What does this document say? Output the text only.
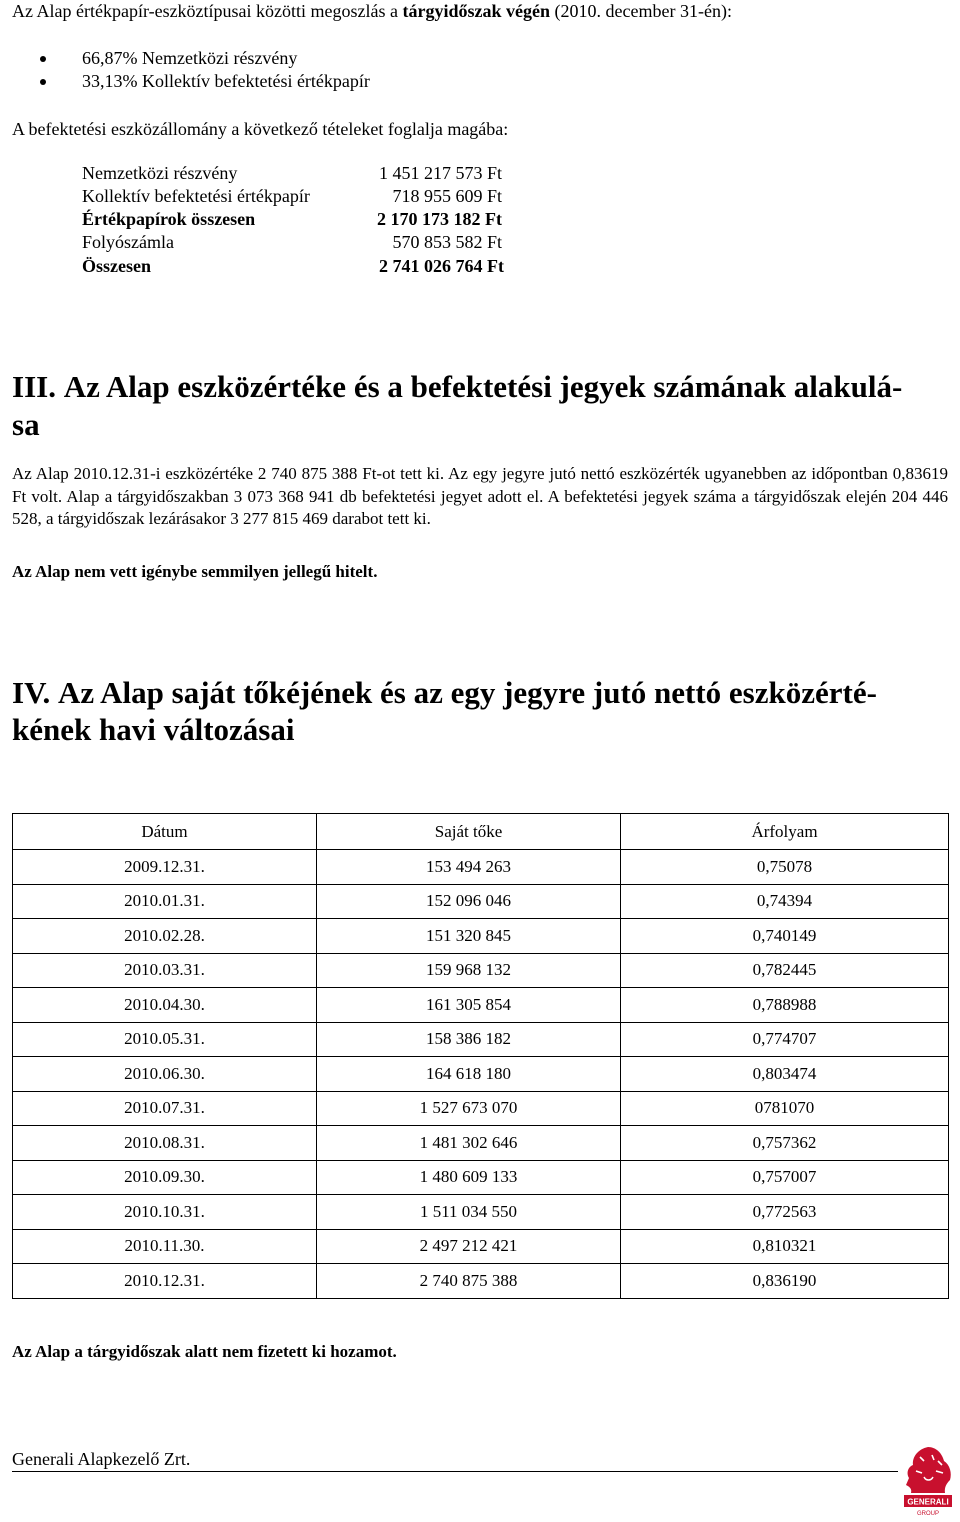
Az Alap értékpapír-eszköztípusai közötti megoszlás a tárgyidőszak végén (2010. december 31-én):
66,87% Nemzetközi részvény
33,13% Kollektív befektetési értékpapír
A befektetési eszközállomány a következő tételeket foglalja magába:
Nemzetközi részvény	1 451 217 573 Ft
Kollektív befektetési értékpapír	718 955 609 Ft
Értékpapírok összesen	2 170 173 182 Ft
Folyószámla	570 853 582 Ft
Összesen	2 741 026 764 Ft
III. Az Alap eszközértéke és a befektetési jegyek számának alakulá-
sa
Az Alap 2010.12.31-i eszközértéke 2 740 875 388 Ft-ot tett ki. Az egy jegyre jutó nettó eszközérték ugyanebben az időpontban 0,83619 Ft volt. Alap a tárgyidőszakban 3 073 368 941 db befektetési jegyet adott el. A befektetési jegyek száma a tárgyidőszak elején 204 446 528, a tárgyidőszak lezárásakor 3 277 815 469 darabot tett ki.
Az Alap nem vett igénybe semmilyen jellegű hitelt.
IV. Az Alap saját tőkéjének és az egy jegyre jutó nettó eszközérté-
kének havi változásai
Dátum	Saját tőke	Árfolyam
2009.12.31.	153 494 263	0,75078
2010.01.31.	152 096 046	0,74394
2010.02.28.	151 320 845	0,740149
2010.03.31.	159 968 132	0,782445
2010.04.30.	161 305 854	0,788988
2010.05.31.	158 386 182	0,774707
2010.06.30.	164 618 180	0,803474
2010.07.31.	1 527 673 070	0781070
2010.08.31.	1 481 302 646	0,757362
2010.09.30.	1 480 609 133	0,757007
2010.10.31.	1 511 034 550	0,772563
2010.11.30.	2 497 212 421	0,810321
2010.12.31.	2 740 875 388	0,836190
Az Alap a tárgyidőszak alatt nem fizetett ki hozamot.
Generali Alapkezelő Zrt.
GENERALI
GROUP
